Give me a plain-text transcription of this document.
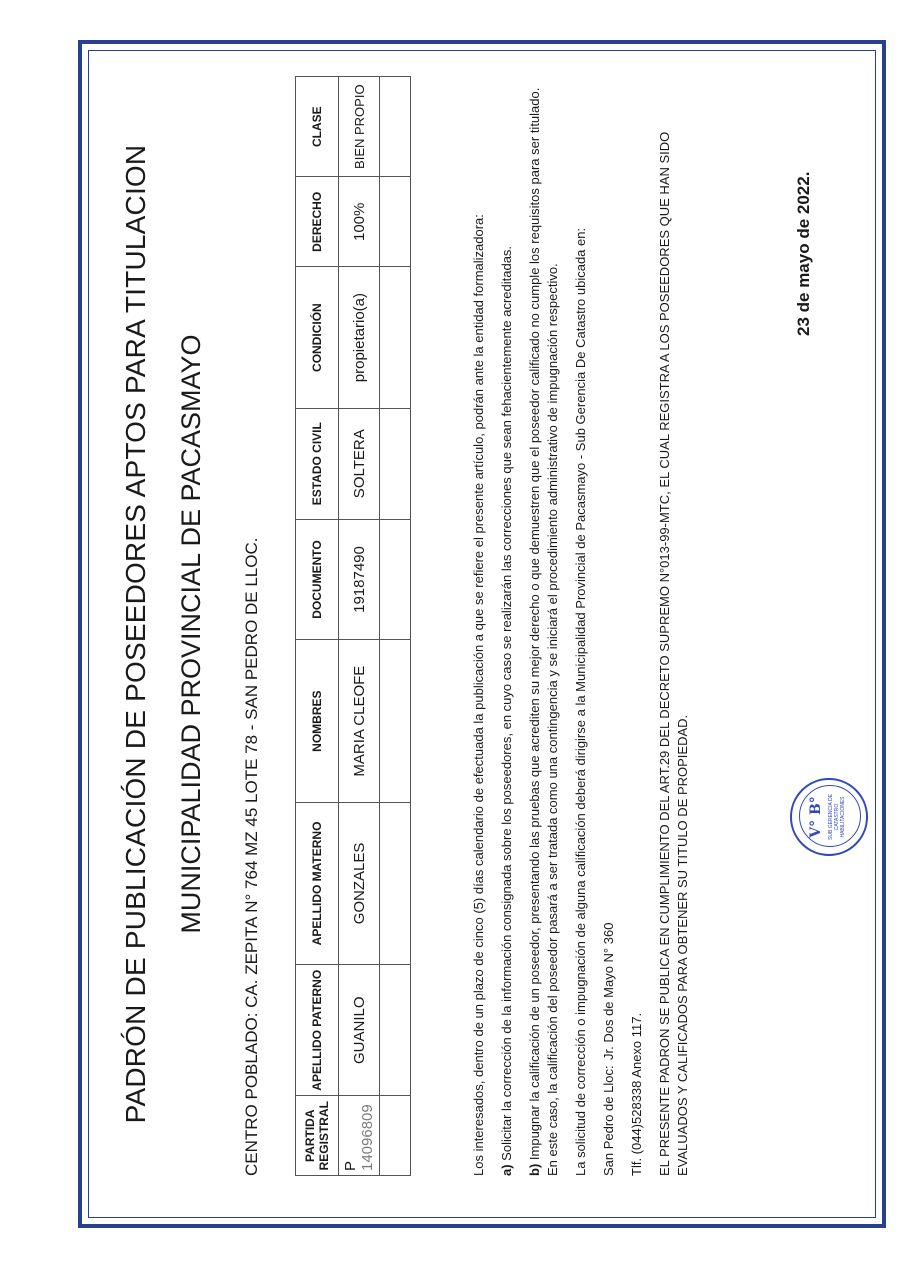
PADRÓN DE PUBLICACIÓN DE POSEEDORES APTOS PARA TITULACION MUNICIPALIDAD PROVINCIAL DE PACASMAYO CENTRO POBLADO: CA. ZEPITA N° 764 MZ 45 LOTE 78 - SAN PEDRO DE LLOC.	PARTIDA REGISTRAL	APELLIDO PATERNO	APELLIDO MATERNO	NOMBRES	DOCUMENTO	ESTADO CIVIL	CONDICIÓN	DERECHO	CLASE
P 14096809	GUANILO	GONZALES	MARIA CLEOFE	19187490	SOLTERA	propietario(a)	100%	BIEN PROPIO

Los interesados, dentro de un plazo de cinco (5) días calendario de efectuada la publicación a que se refiere el presente artículo, podrán ante la entidad formalizadora: a) Solicitar la corrección de la información consignada sobre los poseedores, en cuyo caso se realizarán las correcciones que sean fehacientemente acreditadas.

b) Impugnar la calificación de un poseedor, presentando las pruebas que acrediten su mejor derecho o que demuestren que el poseedor calificado no cumple los requisitos para ser titulado. En este caso, la calificación del poseedor pasará a ser tratada como una contingencia y se iniciará el procedimiento administrativo de impugnación respectivo. La solicitud de corrección o impugnación de alguna calificación deberá dirigirse a la Municipalidad Provincial de Pacasmayo - Sub Gerencia De Catastro ubicada en: San Pedro de Lloc:Jr. Dos de Mayo N° 360

Tlf. (044)528338 Anexo 117. EL PRESENTE PADRON SE PUBLICA EN CUMPLIMIENTO DEL ART.29 DEL DECRETO SUPREMO N°013-99-MTC, EL CUAL REGISTRA A LOS POSEEDORES QUE HAN SIDO EVALUADOS Y CALIFICADOS PARA OBTENER SU TITULO DE PROPIEDAD.	V° B° SUB GERENCIA DE
CATASTRO
HABILITACIONES
23 de mayo de 2022.
